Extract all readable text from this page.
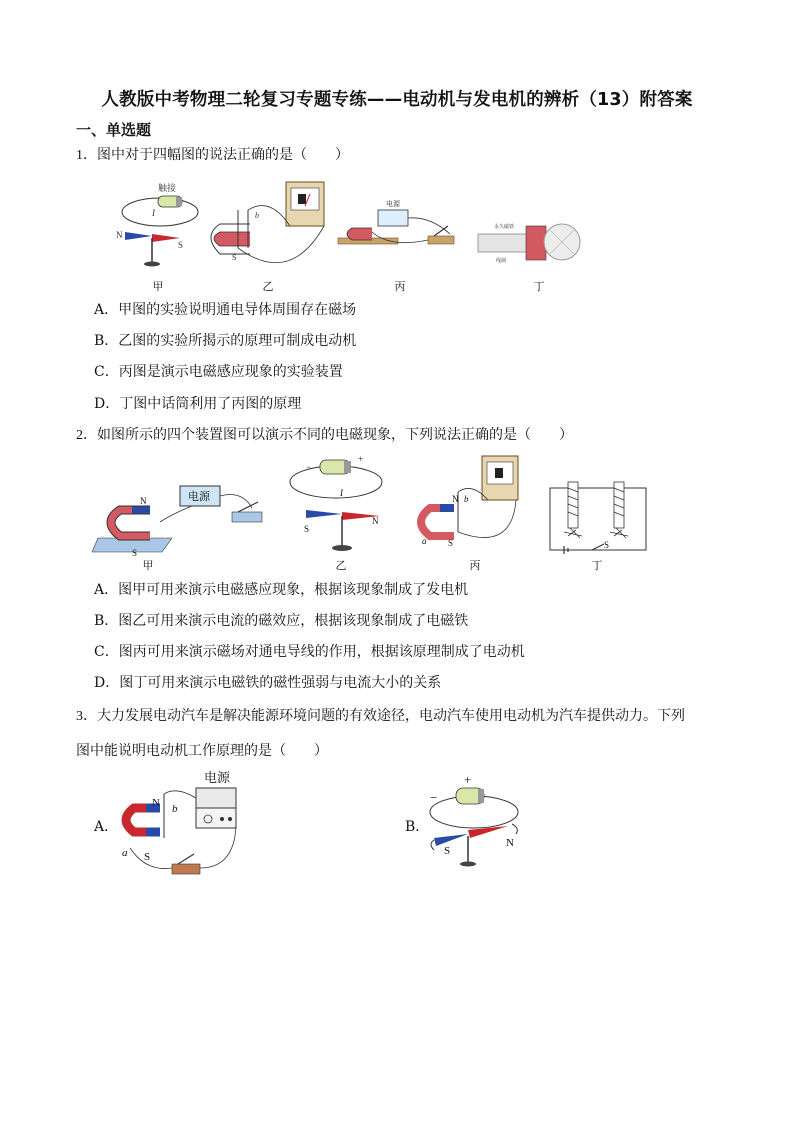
人教版中考物理二轮复习专题专练——电动机与发电机的辨析（13）附答案
一、单选题
1．图中对于四幅图的说法正确的是（　　）
触接
I
N
S
b
S
电源
永久磁铁
线圈
甲	乙	丙	丁
A．甲图的实验说明通电导体周围存在磁场
B．乙图的实验所揭示的原理可制成电动机
C．丙图是演示电磁感应现象的实验装置
D．丁图中话筒利用了丙图的原理
2．如图所示的四个装置图可以演示不同的电磁现象，下列说法正确的是（　　）
N
S
电源
+
−
I
S
N
N b
a S	S
甲	乙	丙	丁
A．图甲可用来演示电磁感应现象，根据该现象制成了发电机
B．图乙可用来演示电流的磁效应，根据该现象制成了电磁铁
C．图丙可用来演示磁场对通电导线的作用，根据该原理制成了电动机
D．图丁可用来演示电磁铁的磁性强弱与电流大小的关系
3．大力发展电动汽车是解决能源环境问题的有效途径，电动汽车使用电动机为汽车提供动力。下列
图中能说明电动机工作原理的是（　　）
A．
电源
N b
a S
B．
+
−
S
N
